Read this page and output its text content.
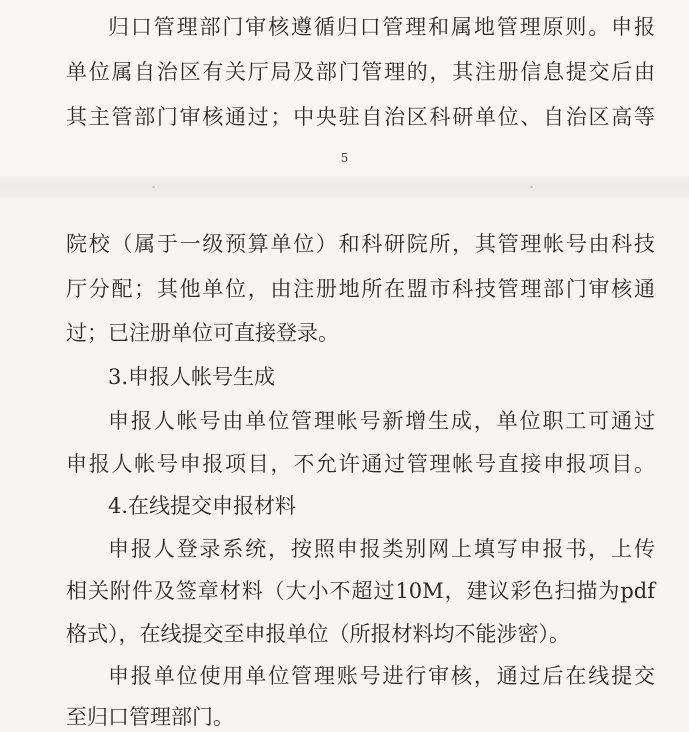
归口管理部门审核遵循归口管理和属地管理原则。申报

单位属自治区有关厅局及部门管理的，其注册信息提交后由

其主管部门审核通过；中央驻自治区科研单位、自治区高等

5

院校（属于一级预算单位）和科研院所，其管理帐号由科技

厅分配；其他单位，由注册地所在盟市科技管理部门审核通

过；已注册单位可直接登录。

3.申报人帐号生成

申报人帐号由单位管理帐号新增生成，单位职工可通过

申报人帐号申报项目，不允许通过管理帐号直接申报项目。

4.在线提交申报材料

申报人登录系统，按照申报类别网上填写申报书，上传

相关附件及签章材料（大小不超过10M，建议彩色扫描为pdf

格式），在线提交至申报单位（所报材料均不能涉密）。

申报单位使用单位管理账号进行审核，通过后在线提交

至归口管理部门。
